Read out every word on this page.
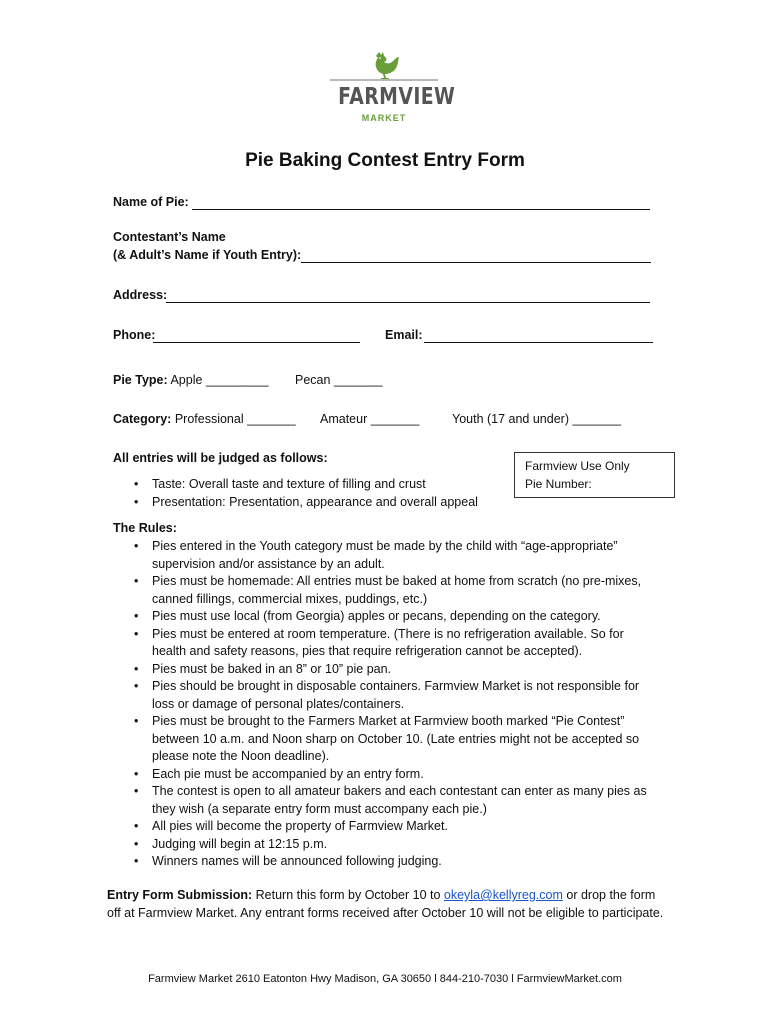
FARMVIEW
MARKET
Pie Baking Contest Entry Form
Name of Pie:
Contestant’s Name
(& Adult’s Name if Youth Entry):
Address:
Phone:	Email:
Pie Type: Apple _________ Pecan _______
Category: Professional _______ Amateur _______	Youth (17 and under) _______
All entries will be judged as follows:
• Taste: Overall taste and texture of filling and crust
• Presentation: Presentation, appearance and overall appeal
Farmview Use Only
Pie Number:
The Rules:
• Pies entered in the Youth category must be made by the child with “age-appropriate” supervision and/or assistance by an adult.
• Pies must be homemade: All entries must be baked at home from scratch (no pre-mixes, canned fillings, commercial mixes, puddings, etc.)
• Pies must use local (from Georgia) apples or pecans, depending on the category.
• Pies must be entered at room temperature. (There is no refrigeration available. So for health and safety reasons, pies that require refrigeration cannot be accepted).
• Pies must be baked in an 8” or 10” pie pan.
• Pies should be brought in disposable containers. Farmview Market is not responsible for loss or damage of personal plates/containers.
• Pies must be brought to the Farmers Market at Farmview booth marked “Pie Contest” between 10 a.m. and Noon sharp on October 10. (Late entries might not be accepted so please note the Noon deadline).
• Each pie must be accompanied by an entry form.
• The contest is open to all amateur bakers and each contestant can enter as many pies as they wish (a separate entry form must accompany each pie.)
• All pies will become the property of Farmview Market.
• Judging will begin at 12:15 p.m.
• Winners names will be announced following judging.
Entry Form Submission: Return this form by October 10 to okeyla@kellyreg.com or drop the form off at Farmview Market. Any entrant forms received after October 10 will not be eligible to participate.
Farmview Market 2610 Eatonton Hwy Madison, GA 30650 l 844-210-7030 l FarmviewMarket.com
